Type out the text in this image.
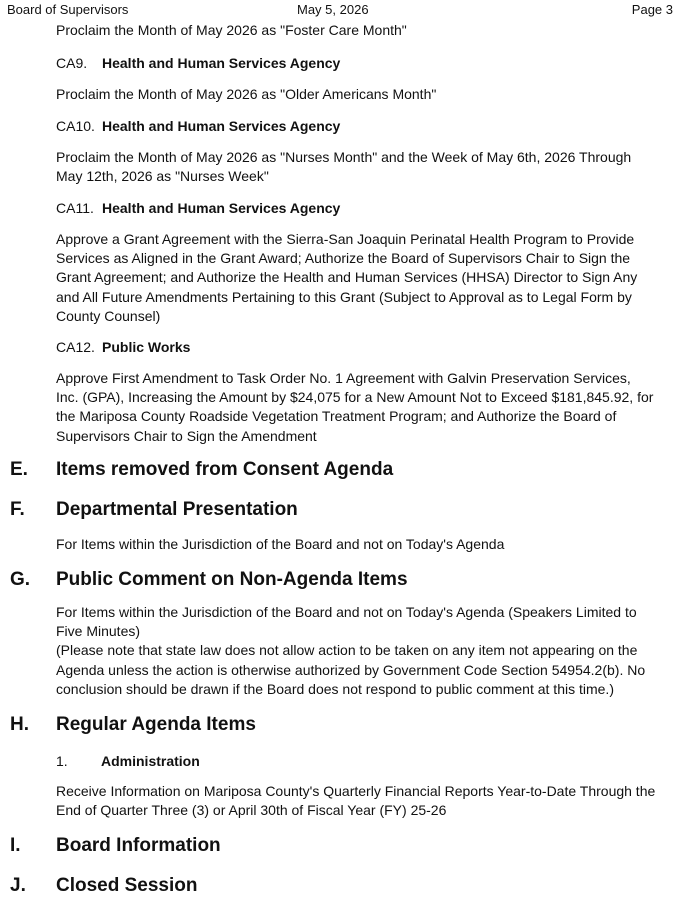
Board of Supervisors	May 5, 2026	Page 3
Proclaim the Month of May 2026 as "Foster Care Month"
CA9. Health and Human Services Agency
Proclaim the Month of May 2026 as "Older Americans Month"
CA10. Health and Human Services Agency
Proclaim the Month of May 2026 as "Nurses Month" and the Week of May 6th, 2026 Through May 12th, 2026 as "Nurses Week"
CA11. Health and Human Services Agency
Approve a Grant Agreement with the Sierra-San Joaquin Perinatal Health Program to Provide Services as Aligned in the Grant Award; Authorize the Board of Supervisors Chair to Sign the Grant Agreement; and Authorize the Health and Human Services (HHSA) Director to Sign Any and All Future Amendments Pertaining to this Grant (Subject to Approval as to Legal Form by County Counsel)
CA12. Public Works
Approve First Amendment to Task Order No. 1 Agreement with Galvin Preservation Services, Inc. (GPA), Increasing the Amount by $24,075 for a New Amount Not to Exceed $181,845.92, for the Mariposa County Roadside Vegetation Treatment Program; and Authorize the Board of Supervisors Chair to Sign the Amendment
E. Items removed from Consent Agenda
F. Departmental Presentation
For Items within the Jurisdiction of the Board and not on Today's Agenda
G. Public Comment on Non-Agenda Items
For Items within the Jurisdiction of the Board and not on Today's Agenda (Speakers Limited to Five Minutes)
(Please note that state law does not allow action to be taken on any item not appearing on the Agenda unless the action is otherwise authorized by Government Code Section 54954.2(b). No conclusion should be drawn if the Board does not respond to public comment at this time.)
H. Regular Agenda Items
1. Administration
Receive Information on Mariposa County's Quarterly Financial Reports Year-to-Date Through the End of Quarter Three (3) or April 30th of Fiscal Year (FY) 25-26
I. Board Information
J. Closed Session
